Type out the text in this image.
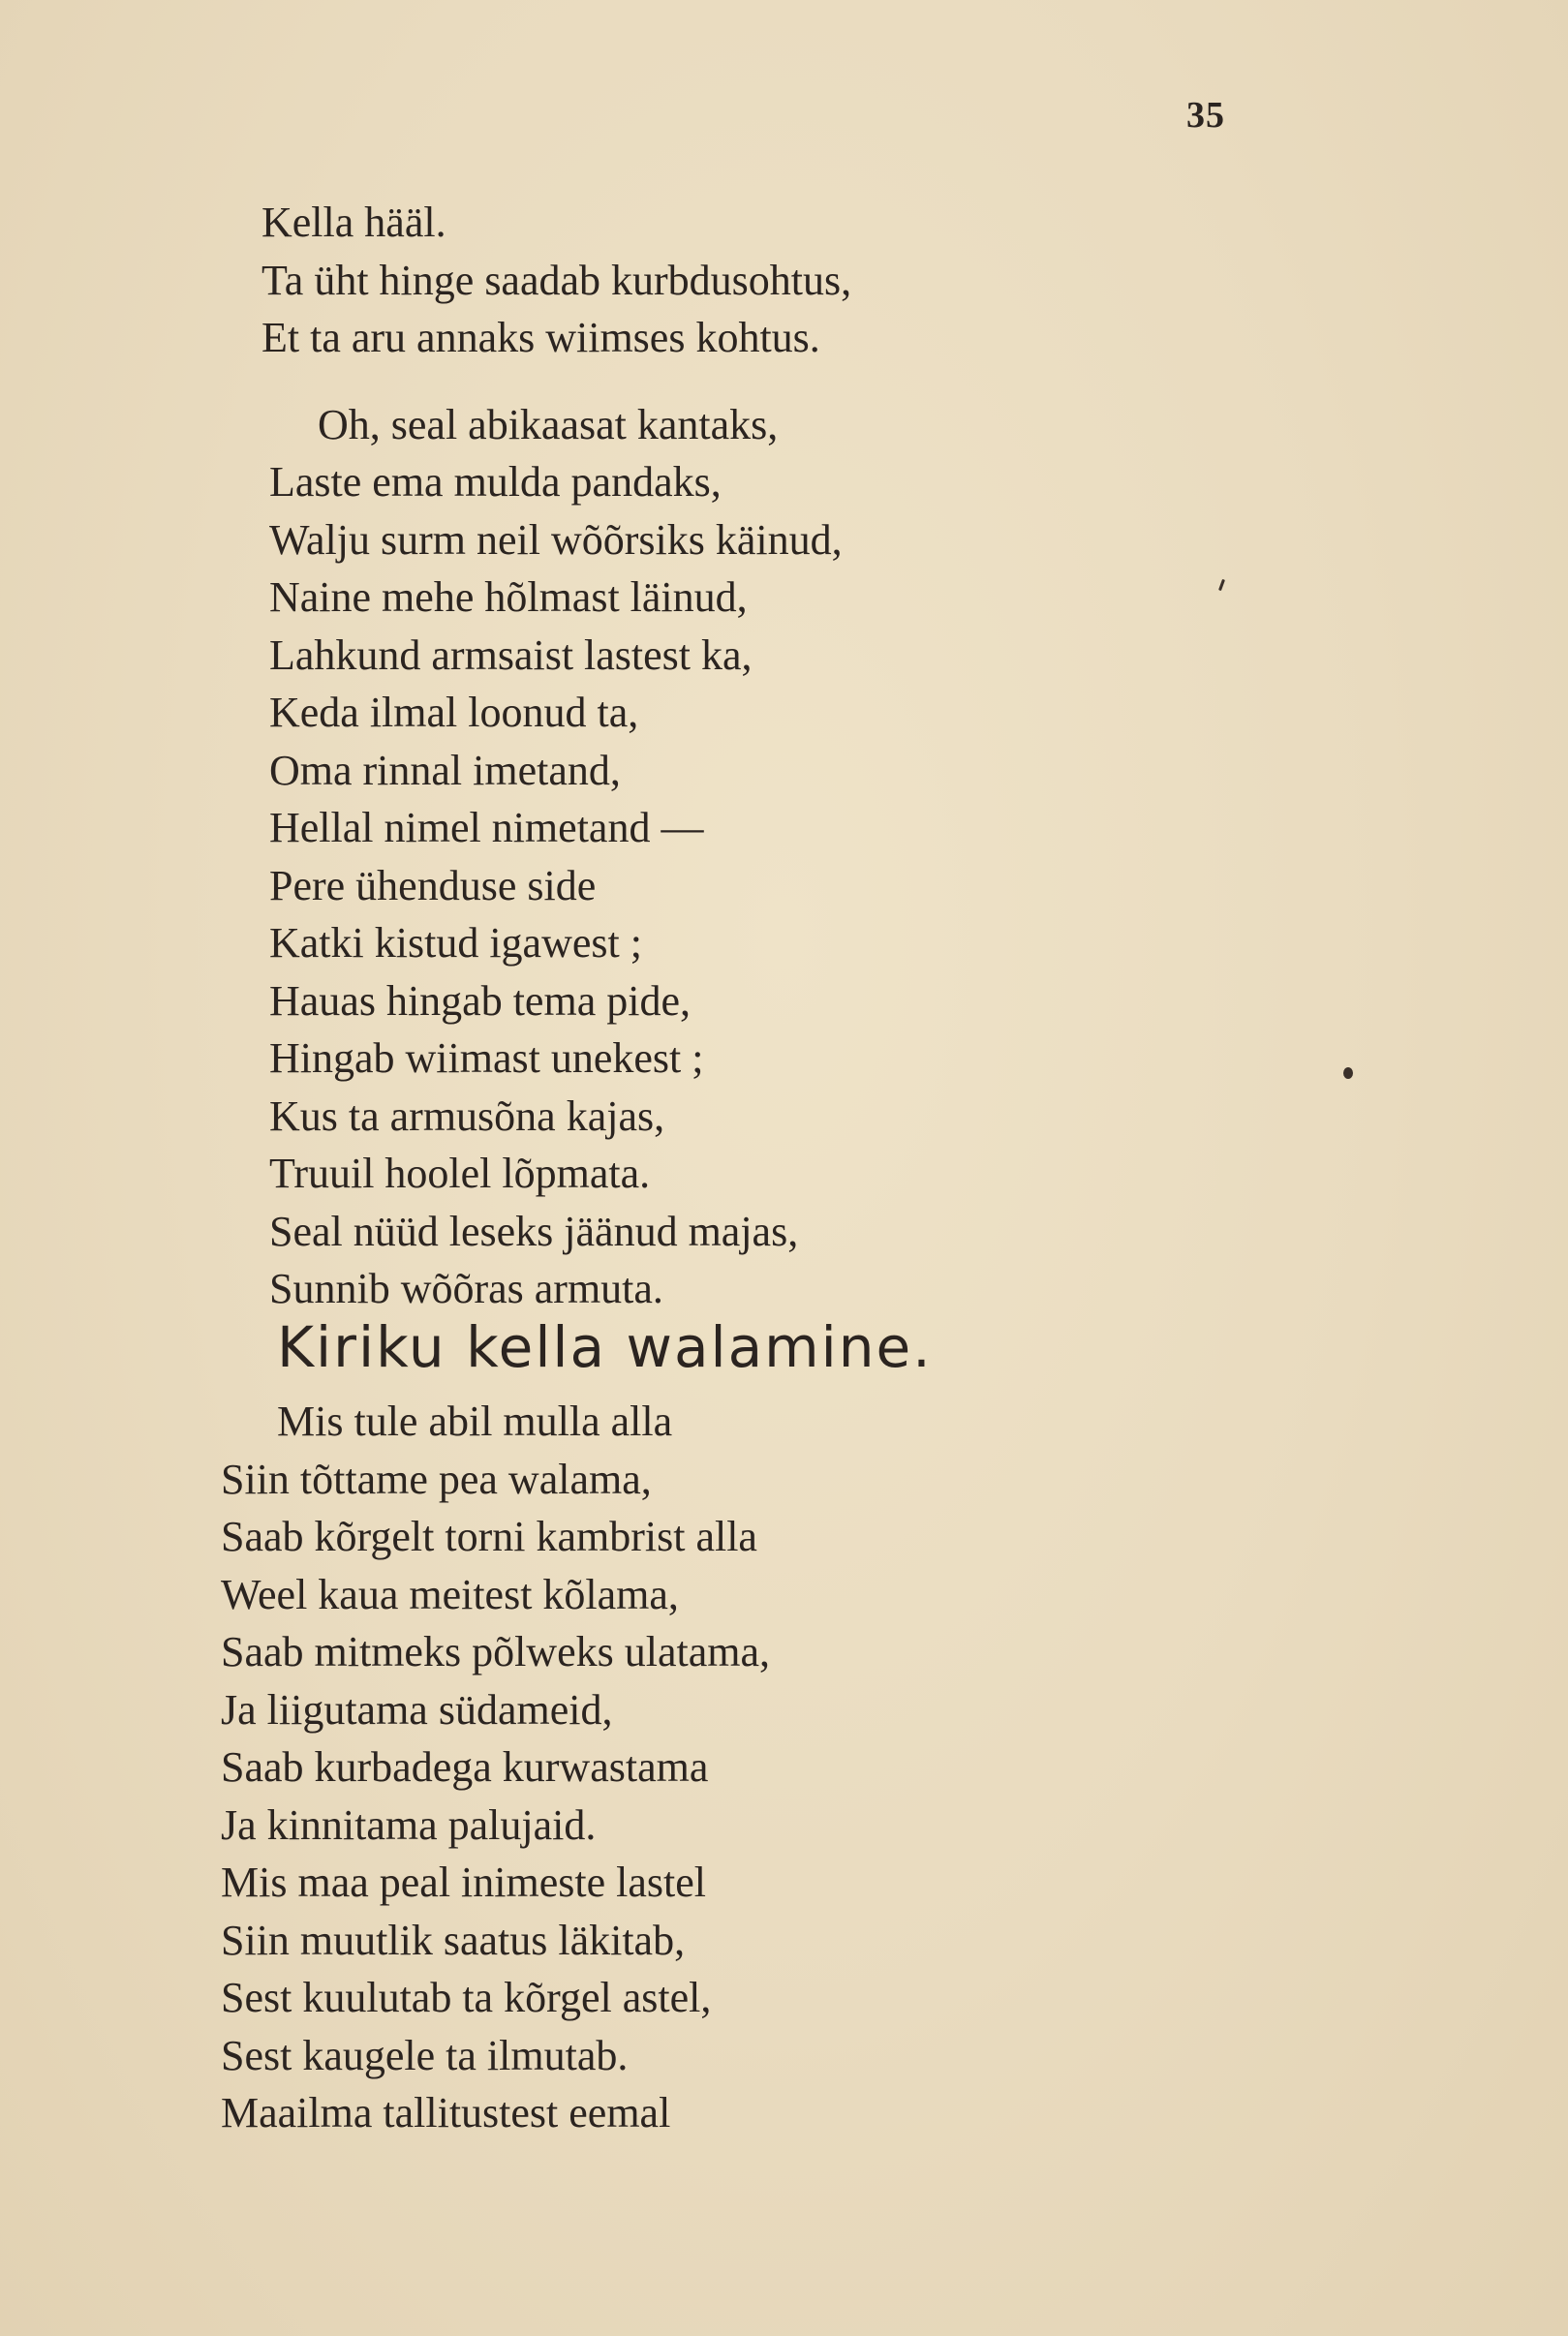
35
Kella hääl.
Ta üht hinge saadab kurbdusohtus,
Et ta aru annaks wiimses kohtus.
Oh, seal abikaasat kantaks,
Laste ema mulda pandaks,
Walju surm neil wõõrsiks käinud,
Naine mehe hõlmast läinud,
Lahkund armsaist lastest ka,
Keda ilmal loonud ta,
Oma rinnal imetand,
Hellal nimel nimetand —
Pere ühenduse side
Katki kistud igawest ;
Hauas hingab tema pide,
Hingab wiimast unekest ;
Kus ta armusõna kajas,
Truuil hoolel lõpmata.
Seal nüüd leseks jäänud majas,
Sunnib wõõras armuta.
Kiriku kella walamine.
Mis tule abil mulla alla
Siin tõttame pea walama,
Saab kõrgelt torni kambrist alla
Weel kaua meitest kõlama,
Saab mitmeks põlweks ulatama,
Ja liigutama südameid,
Saab kurbadega kurwastama
Ja kinnitama palujaid.
Mis maa peal inimeste lastel
Siin muutlik saatus läkitab,
Sest kuulutab ta kõrgel astel,
Sest kaugele ta ilmutab.
Maailma tallitustest eemal
